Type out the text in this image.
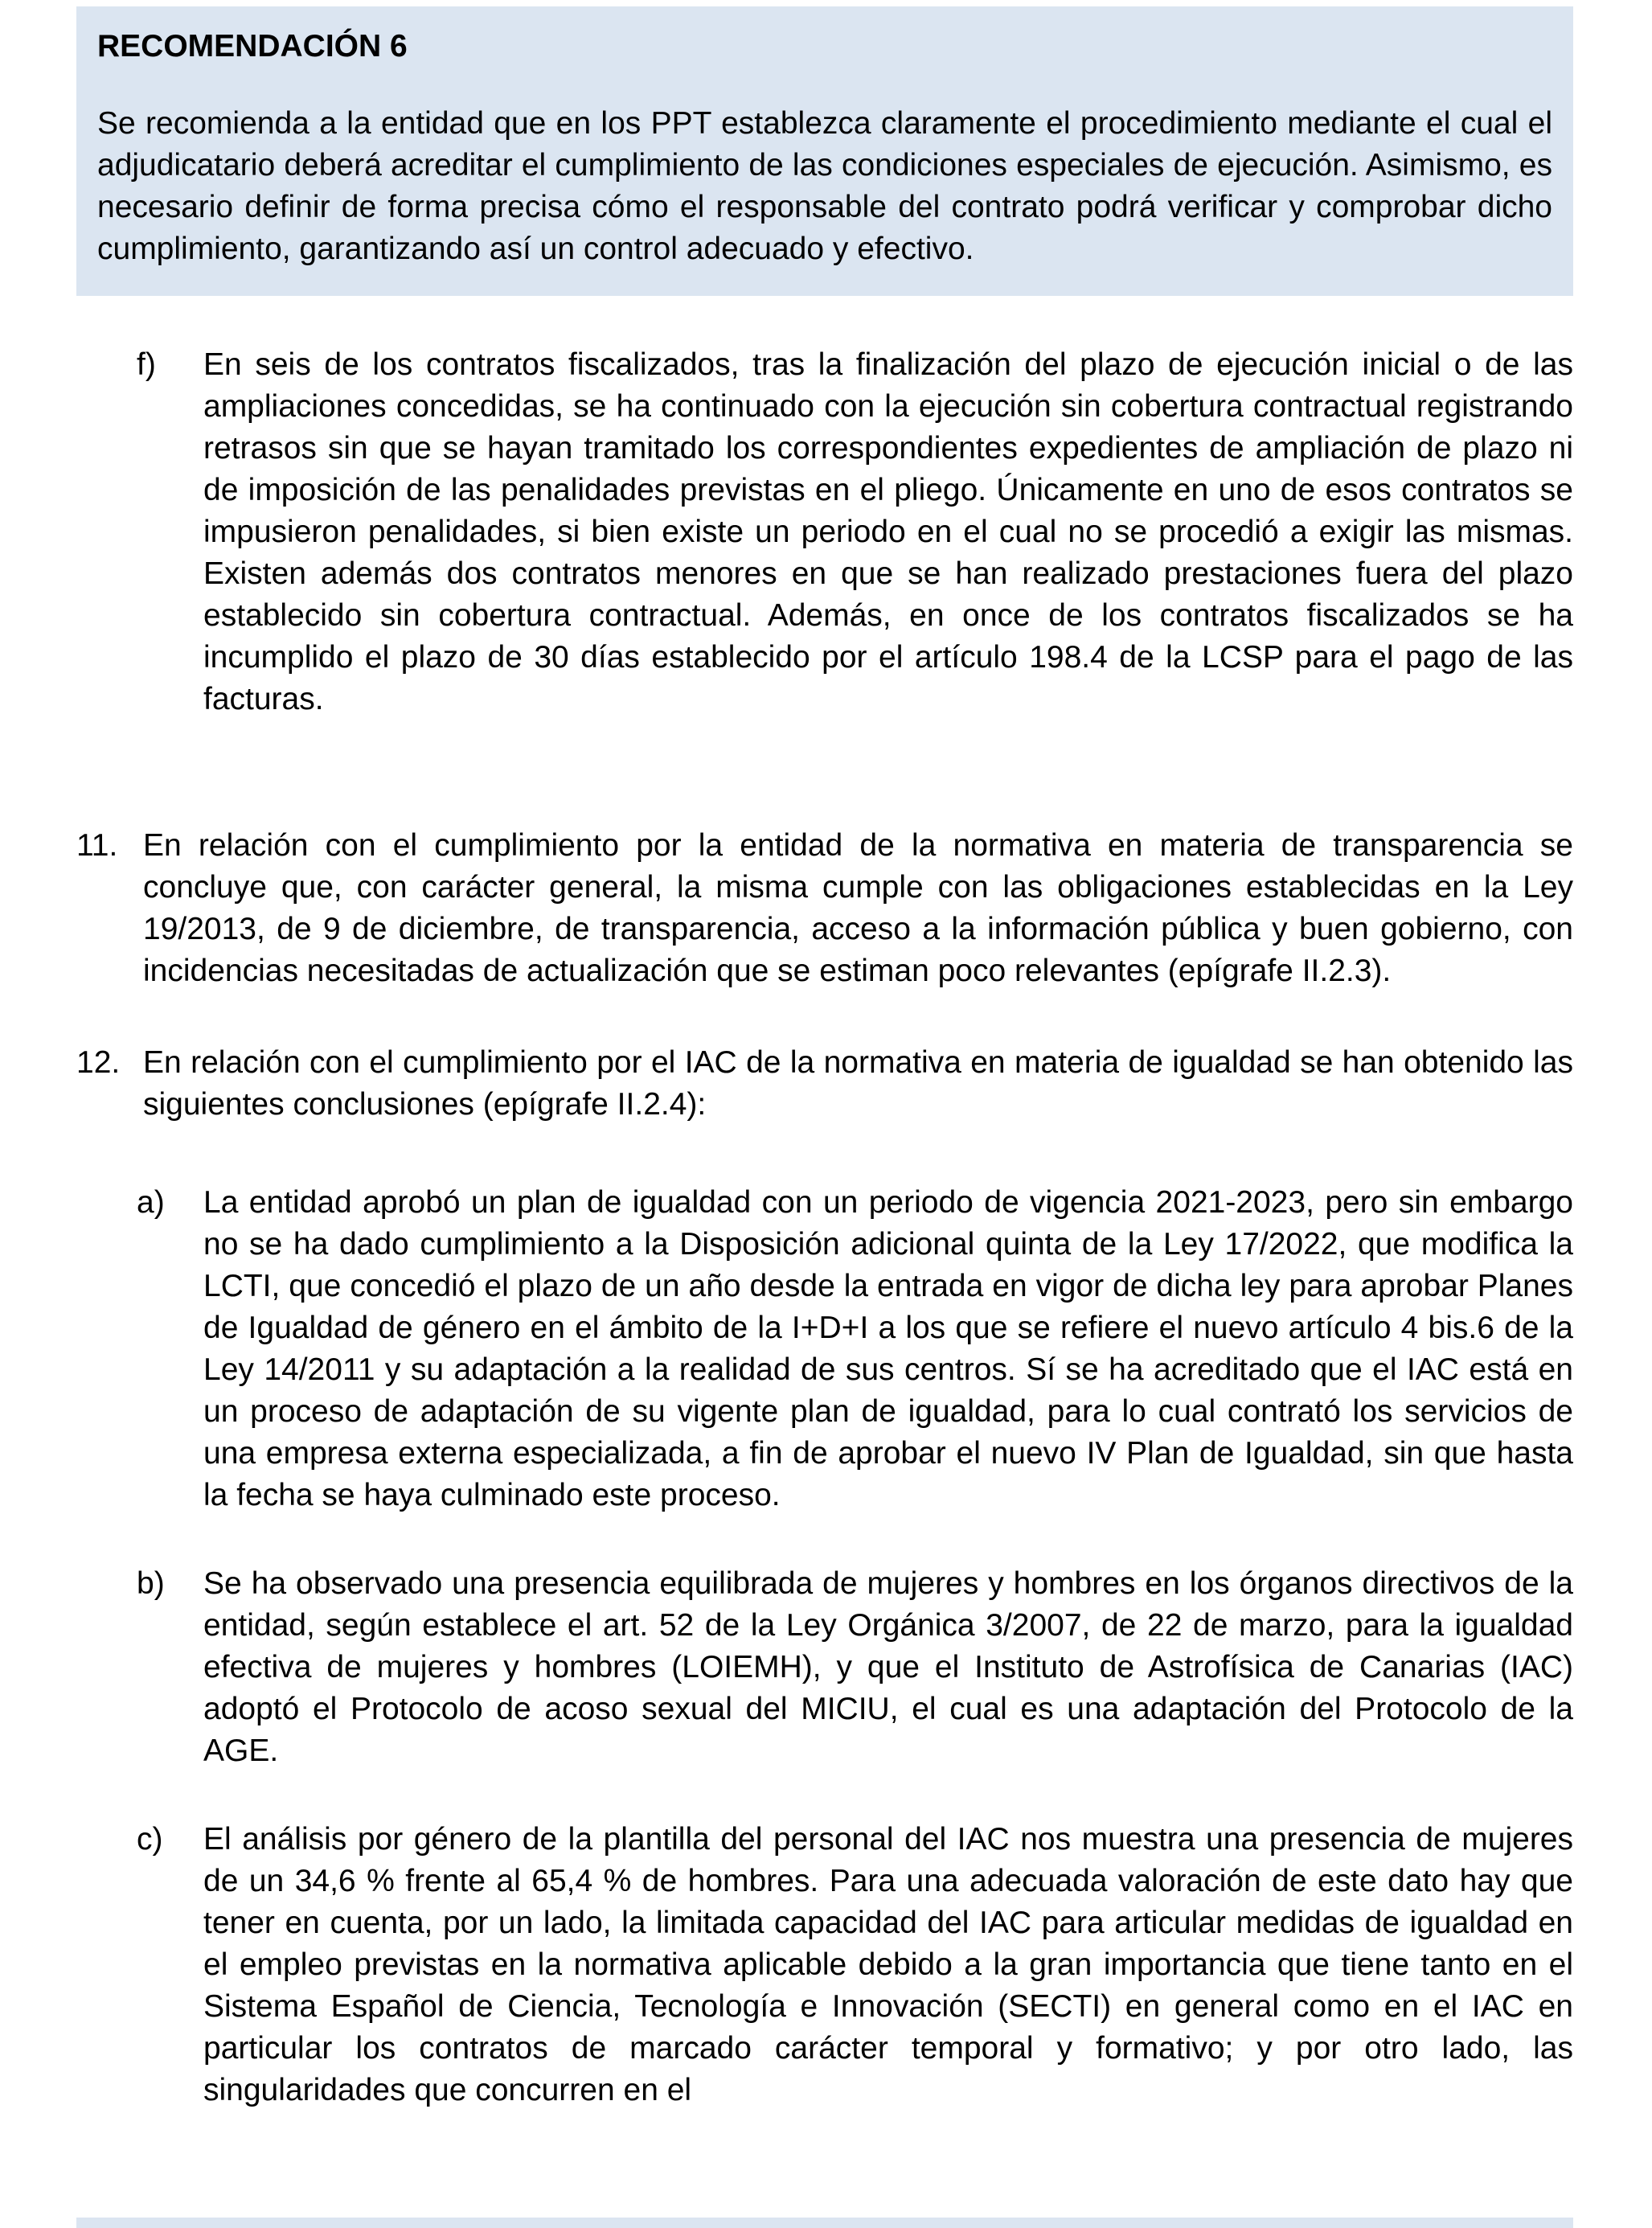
RECOMENDACIÓN 6

Se recomienda a la entidad que en los PPT establezca claramente el procedimiento mediante el cual el adjudicatario deberá acreditar el cumplimiento de las condiciones especiales de ejecución. Asimismo, es necesario definir de forma precisa cómo el responsable del contrato podrá verificar y comprobar dicho cumplimiento, garantizando así un control adecuado y efectivo.

f)	En seis de los contratos fiscalizados, tras la finalización del plazo de ejecución inicial o de las ampliaciones concedidas, se ha continuado con la ejecución sin cobertura contractual registrando retrasos sin que se hayan tramitado los correspondientes expedientes de ampliación de plazo ni de imposición de las penalidades previstas en el pliego. Únicamente en uno de esos contratos se impusieron penalidades, si bien existe un periodo en el cual no se procedió a exigir las mismas. Existen además dos contratos menores en que se han realizado prestaciones fuera del plazo establecido sin cobertura contractual. Además, en once de los contratos fiscalizados se ha incumplido el plazo de 30 días establecido por el artículo 198.4 de la LCSP para el pago de las facturas.
11. En relación con el cumplimiento por la entidad de la normativa en materia de transparencia se concluye que, con carácter general, la misma cumple con las obligaciones establecidas en la Ley 19/2013, de 9 de diciembre, de transparencia, acceso a la información pública y buen gobierno, con incidencias necesitadas de actualización que se estiman poco relevantes (epígrafe II.2.3).
12. En relación con el cumplimiento por el IAC de la normativa en materia de igualdad se han obtenido las siguientes conclusiones (epígrafe II.2.4):
a)	La entidad aprobó un plan de igualdad con un periodo de vigencia 2021-2023, pero sin embargo no se ha dado cumplimiento a la Disposición adicional quinta de la Ley 17/2022, que modifica la LCTI, que concedió el plazo de un año desde la entrada en vigor de dicha ley para aprobar Planes de Igualdad de género en el ámbito de la I+D+I a los que se refiere el nuevo artículo 4 bis.6 de la Ley 14/2011 y su adaptación a la realidad de sus centros. Sí se ha acreditado que el IAC está en un proceso de adaptación de su vigente plan de igualdad, para lo cual contrató los servicios de una empresa externa especializada, a fin de aprobar el nuevo IV Plan de Igualdad, sin que hasta la fecha se haya culminado este proceso.
b)	Se ha observado una presencia equilibrada de mujeres y hombres en los órganos directivos de la entidad, según establece el art. 52 de la Ley Orgánica 3/2007, de 22 de marzo, para la igualdad efectiva de mujeres y hombres (LOIEMH), y que el Instituto de Astrofísica de Canarias (IAC) adoptó el Protocolo de acoso sexual del MICIU, el cual es una adaptación del Protocolo de la AGE.
c)	El análisis por género de la plantilla del personal del IAC nos muestra una presencia de mujeres de un 34,6 % frente al 65,4 % de hombres. Para una adecuada valoración de este dato hay que tener en cuenta, por un lado, la limitada capacidad del IAC para articular medidas de igualdad en el empleo previstas en la normativa aplicable debido a la gran importancia que tiene tanto en el Sistema Español de Ciencia, Tecnología e Innovación (SECTI) en general como en el IAC en particular los contratos de marcado carácter temporal y formativo; y por otro lado, las singularidades que concurren en el
